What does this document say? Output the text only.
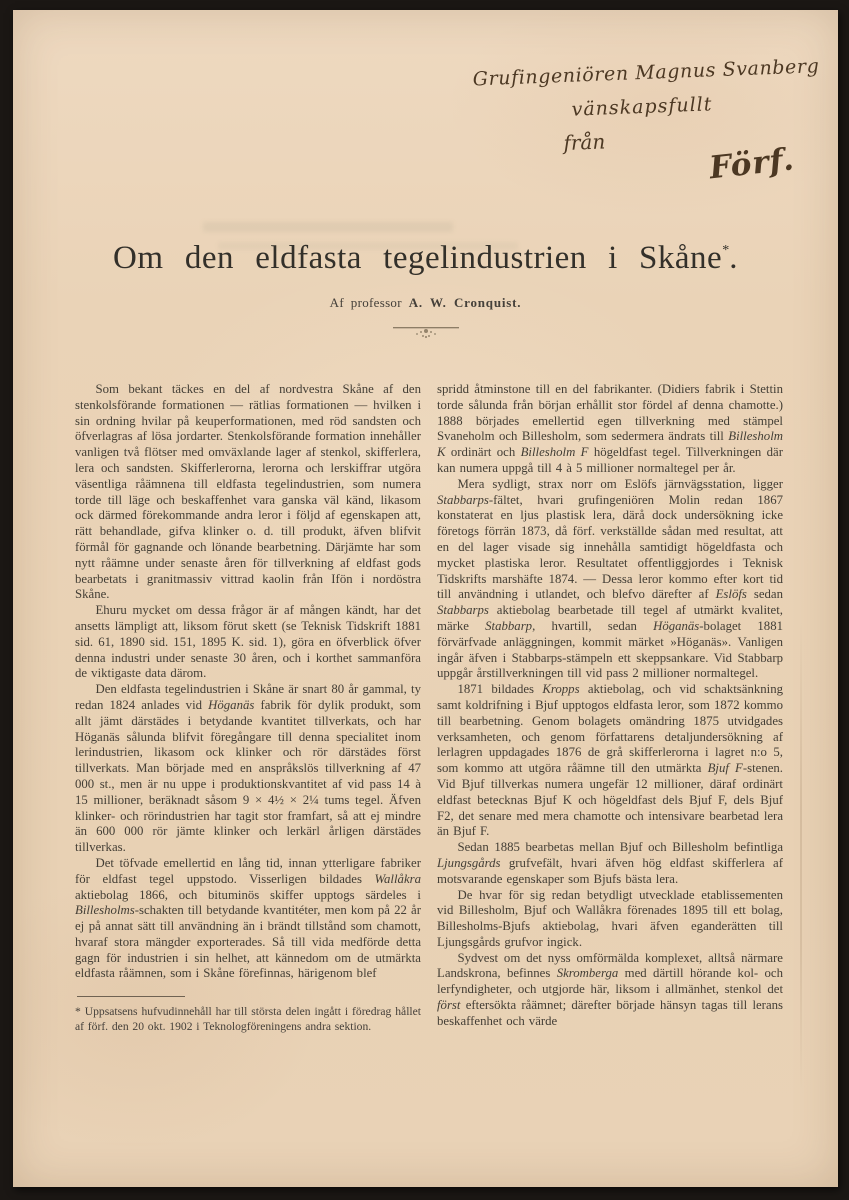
Grufingeniören Magnus Svanberg
vänskapsfullt
från	Förf.
Om den eldfasta tegelindustrien i Skåne*.
Af professor A. W. Cronquist.

Som bekant täckes en del af nordvestra Skåne af den stenkolsförande formationen — rätlias formationen — hvilken i sin ordning hvilar på keuperformationen, med röd sandsten och öfverlagras af lösa jordarter. Stenkolsförande formation innehåller vanligen två flötser med omväxlande lager af stenkol, skifferlera, lera och sandsten. Skifferlerorna, lerorna och lerskiffrar utgöra väsentliga råämnena till eldfasta tegelindustrien, som numera torde till läge och beskaffenhet vara ganska väl känd, likasom ock därmed förekommande andra leror i följd af egenskapen att, rätt behandlade, gifva klinker o. d. till produkt, äfven blifvit förmål för gagnande och lönande bearbetning. Därjämte har som nytt råämne under senaste åren för tillverkning af eldfast gods bearbetats i granitmassiv vittrad kaolin från Ifön i nordöstra Skåne.

Ehuru mycket om dessa frågor är af mången kändt, har det ansetts lämpligt att, liksom förut skett (se Teknisk Tidskrift 1881 sid. 61, 1890 sid. 151, 1895 K. sid. 1), göra en öfverblick öfver denna industri under senaste 30 åren, och i korthet sammanföra de viktigaste data därom.

Den eldfasta tegelindustrien i Skåne är snart 80 år gammal, ty redan 1824 anlades vid Höganäs fabrik för dylik produkt, som allt jämt därstädes i betydande kvantitet tillverkats, och har Höganäs sålunda blifvit föregångare till denna specialitet inom lerindustrien, likasom ock klinker och rör därstädes först tillverkats. Man började med en anspråkslös tillverkning af 47 000 st., men är nu uppe i produktionskvantitet af vid pass 14 à 15 millioner, beräknadt såsom 9 × 4½ × 2¼ tums tegel. Äfven klinker- och rörindustrien har tagit stor framfart, så att ej mindre än 600 000 rör jämte klinker och lerkärl årligen därstädes tillverkas.

Det töfvade emellertid en lång tid, innan ytterligare fabriker för eldfast tegel uppstodo. Visserligen bildades Wallåkra aktiebolag 1866, och bituminös skiffer upptogs särdeles i Billesholms-schakten till betydande kvantitéter, men kom på 22 år ej på annat sätt till användning än i brändt tillstånd som chamott, hvaraf stora mängder exporterades. Så till vida medförde detta gagn för industrien i sin helhet, att kännedom om de utmärkta eldfasta råämnen, som i Skåne förefinnas, härigenom blef

* Uppsatsens hufvudinnehåll har till största delen ingått i föredrag hållet af förf. den 20 okt. 1902 i Teknologföreningens andra sektion.

spridd åtminstone till en del fabrikanter. (Didiers fabrik i Stettin torde sålunda från början erhållit stor fördel af denna chamotte.) 1888 börjades emellertid egen tillverkning med stämpel Svaneholm och Billesholm, som sedermera ändrats till Billesholm K ordinärt och Billesholm F högeldfast tegel. Tillverkningen där kan numera uppgå till 4 à 5 millioner normaltegel per år.

Mera sydligt, strax norr om Eslöfs järnvägsstation, ligger Stabbarps-fältet, hvari grufingeniören Molin redan 1867 konstaterat en ljus plastisk lera, därå dock undersökning icke företogs förrän 1873, då förf. verkställde sådan med resultat, att en del lager visade sig innehålla samtidigt högeldfasta och mycket plastiska leror. Resultatet offentliggjordes i Teknisk Tidskrifts marshäfte 1874. — Dessa leror kommo efter kort tid till användning i utlandet, och blefvo därefter af Eslöfs sedan Stabbarps aktiebolag bearbetade till tegel af utmärkt kvalitet, märke Stabbarp, hvartill, sedan Höganäs-bolaget 1881 förvärfvade anläggningen, kommit märket »Höganäs». Vanligen ingår äfven i Stabbarps-stämpeln ett skeppsankare. Vid Stabbarp uppgår årstillverkningen till vid pass 2 millioner normaltegel.

1871 bildades Kropps aktiebolag, och vid schaktsänkning samt koldrifning i Bjuf upptogos eldfasta leror, som 1872 kommo till bearbetning. Genom bolagets omändring 1875 utvidgades verksamheten, och genom författarens detaljundersökning af lerlagren uppdagades 1876 de grå skifferlerorna i lagret n:o 5, som kommo att utgöra råämne till den utmärkta Bjuf F-stenen. Vid Bjuf tillverkas numera ungefär 12 millioner, däraf ordinärt eldfast betecknas Bjuf K och högeldfast dels Bjuf F, dels Bjuf F2, det senare med mera chamotte och intensivare bearbetad lera än Bjuf F.

Sedan 1885 bearbetas mellan Bjuf och Billesholm befintliga Ljungsgårds grufvefält, hvari äfven hög eldfast skifferlera af motsvarande egenskaper som Bjufs bästa lera.

De hvar för sig redan betydligt utvecklade etablissementen vid Billesholm, Bjuf och Wallåkra förenades 1895 till ett bolag, Billesholms-Bjufs aktiebolag, hvari äfven eganderätten till Ljungsgårds grufvor ingick.

Sydvest om det nyss omförmälda komplexet, alltså närmare Landskrona, befinnes Skromberga med därtill hörande kol- och lerfyndigheter, och utgjorde här, liksom i allmänhet, stenkol det först eftersökta råämnet; därefter började hänsyn tagas till lerans beskaffenhet och värde
